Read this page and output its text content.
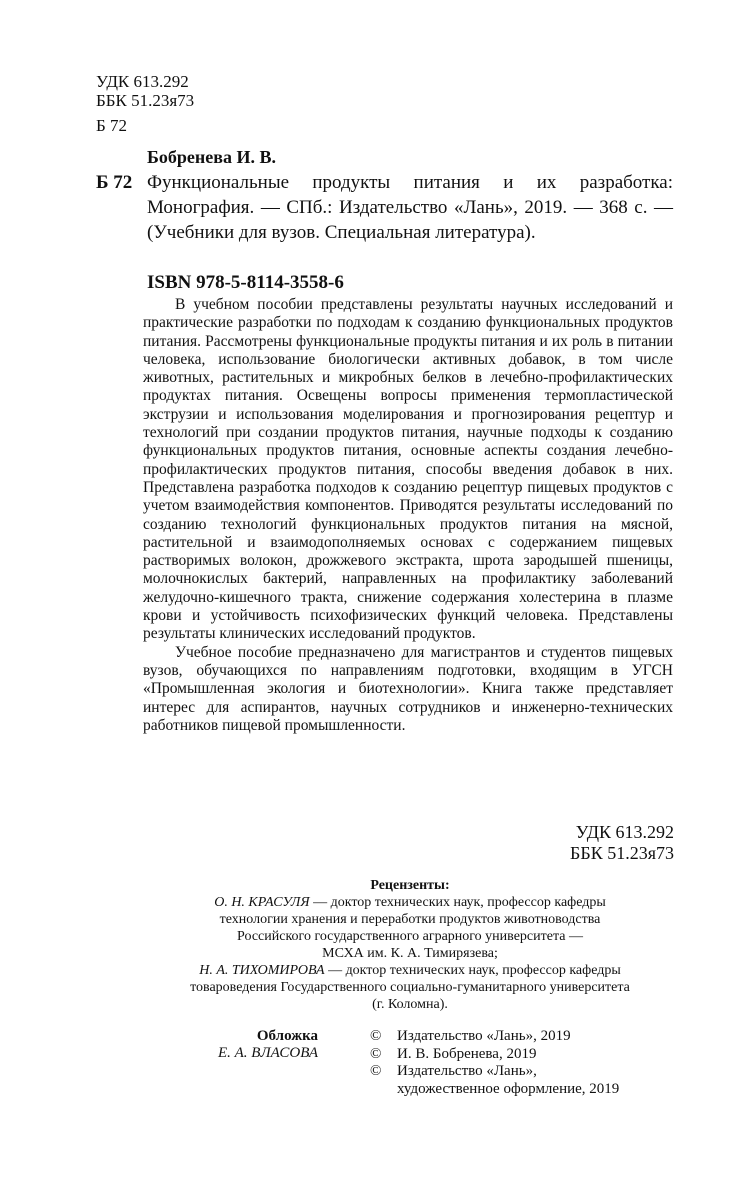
УДК 613.292
ББК 51.23я73
Б 72
Бобренева И. В.
Б 72 Функциональные продукты питания и их разработка: Монография. — СПб.: Издательство «Лань», 2019. — 368 с. — (Учебники для вузов. Специальная литература).
ISBN 978-5-8114-3558-6

В учебном пособии представлены результаты научных исследований и практические разработки по подходам к созданию функциональных продуктов питания. Рассмотрены функциональные продукты питания и их роль в питании человека, использование биологически активных добавок, в том числе животных, растительных и микробных белков в лечебно-профилактических продуктах питания. Освещены вопросы применения термопластической экструзии и использования моделирования и прогнозирования рецептур и технологий при создании продуктов питания, научные подходы к созданию функциональных продуктов питания, основные аспекты создания лечебно-профилактических продуктов питания, способы введения добавок в них. Представлена разработка подходов к созданию рецептур пищевых продуктов с учетом взаимодействия компонентов. Приводятся результаты исследований по созданию технологий функциональных продуктов питания на мясной, растительной и взаимодополняемых основах с содержанием пищевых растворимых волокон, дрожжевого экстракта, шрота зародышей пшеницы, молочнокислых бактерий, направленных на профилактику заболеваний желудочно-кишечного тракта, снижение содержания холестерина в плазме крови и устойчивость психофизических функций человека. Представлены результаты клинических исследований продуктов.

Учебное пособие предназначено для магистрантов и студентов пищевых вузов, обучающихся по направлениям подготовки, входящим в УГСН «Промышленная экология и биотехнологии». Книга также представляет интерес для аспирантов, научных сотрудников и инженерно-технических работников пищевой промышленности.

УДК 613.292
ББК 51.23я73
Рецензенты:
О. Н. КРАСУЛЯ — доктор технических наук, профессор кафедры
технологии хранения и переработки продуктов животноводства
Российского государственного аграрного университета —
МСХА им. К. А. Тимирязева;
Н. А. ТИХОМИРОВА — доктор технических наук, профессор кафедры
товароведения Государственного социально-гуманитарного университета
(г. Коломна).
Обложка
Е. А. ВЛАСОВА
©	Издательство «Лань», 2019
©	И. В. Бобренева, 2019
©	Издательство «Лань»,
художественное оформление, 2019
